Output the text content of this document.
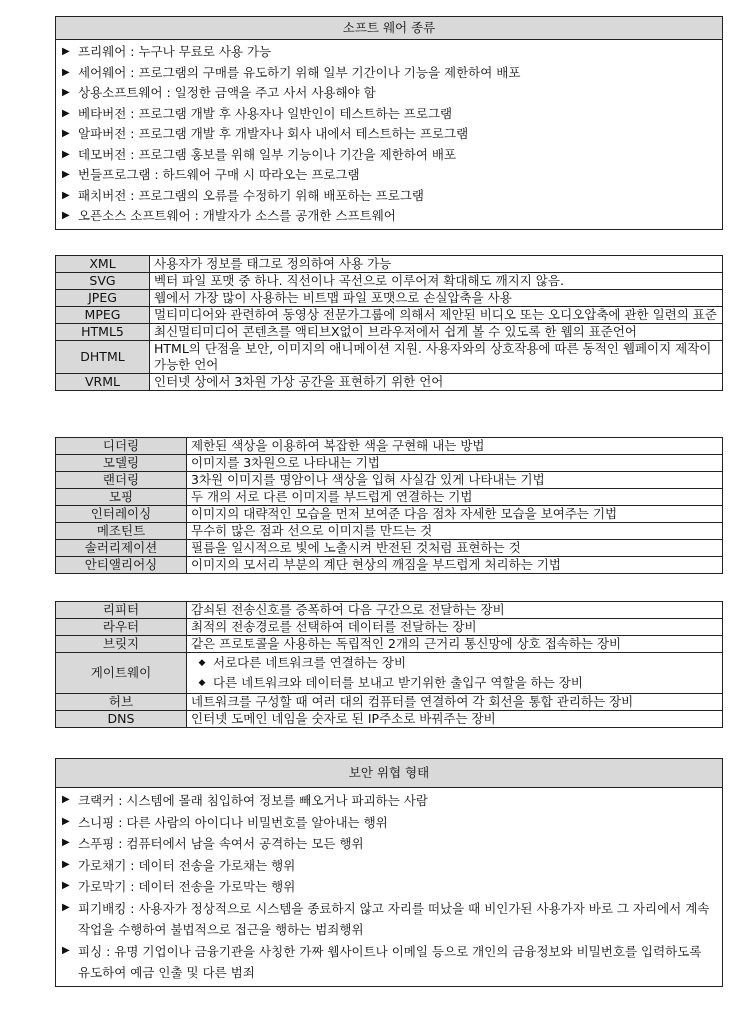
소프트 웨어 종류

▶ 프리웨어 : 누구나 무료로 사용 가능
▶ 세어웨어 : 프로그램의 구매를 유도하기 위해 일부 기간이나 기능을 제한하여 배포
▶ 상용소프트웨어 : 일정한 금액을 주고 사서 사용해야 함
▶ 베타버전 : 프로그램 개발 후 사용자나 일반인이 테스트하는 프로그램
▶ 알파버전 : 프로그램 개발 후 개발자나 회사 내에서 테스트하는 프로그램
▶ 데모버전 : 프로그램 홍보를 위해 일부 기능이나 기간을 제한하여 배포
▶ 번들프로그램 : 하드웨어 구매 시 따라오는 프로그램
▶ 패치버전 : 프로그램의 오류를 수정하기 위해 배포하는 프로그램
▶ 오픈소스 소프트웨어 : 개발자가 소스를 공개한 스프트웨어
XML	사용자가 정보를 태그로 정의하여 사용 가능
SVG	벡터 파일 포맷 중 하나. 직선이나 곡선으로 이루어져 확대해도 깨지지 않음.
JPEG	웹에서 가장 많이 사용하는 비트맵 파일 포맷으로 손실압축을 사용
MPEG	멀티미디어와 관련하여 동영상 전문가그룹에 의해서 제안된 비디오 또는 오디오압축에 관한 일련의 표준
HTML5	최신멀티미디어 콘텐츠를 액티브X없이 브라우저에서 쉽게 볼 수 있도록 한 웹의 표준언어
DHTML	HTML의 단점을 보안, 이미지의 애니메이션 지원. 사용자와의 상호작용에 따른 동적인 웹페이지 제작이 가능한 언어
VRML	인터넷 상에서 3차원 가상 공간을 표현하기 위한 언어
디더링	제한된 색상을 이용하여 복잡한 색을 구현해 내는 방법
모델링	이미지를 3차원으로 나타내는 기법
랜더링	3차원 이미지를 명암이나 색상을 입혀 사실감 있게 나타내는 기법
모핑	두 개의 서로 다른 이미지를 부드럽게 연결하는 기법
인터레이싱	이미지의 대략적인 모습을 먼저 보여준 다음 점차 자세한 모습을 보여주는 기법
메조틴트	무수히 많은 점과 선으로 이미지를 만드는 것
솔러리제이션	필름을 일시적으로 빛에 노출시켜 반전된 것처럼 표현하는 것
안티앨리어싱	이미지의 모서리 부분의 계단 현상의 깨짐을 부드럽게 처리하는 기법
리피터	감쇠된 전송신호를 증폭하여 다음 구간으로 전달하는 장비
라우터	최적의 전송경로를 선택하여 데이터를 전달하는 장비
브릿지	같은 프로토콜을 사용하는 독립적인 2개의 근거리 통신망에 상호 접속하는 장비
게이트웨이	◆ 서로다른 네트워크를 연결하는 장비
◆ 다른 네트워크와 데이터를 보내고 받기위한 출입구 역할을 하는 장비

허브	네트워크를 구성할 때 여러 대의 컴퓨터를 연결하여 각 회선을 통합 관리하는 장비
DNS	인터넷 도메인 네임을 숫자로 된 IP주소로 바꿔주는 장비
보안 위협 형태

▶ 크랙커 : 시스템에 몰래 침입하여 정보를 빼오거나 파괴하는 사람
▶ 스니핑 : 다른 사람의 아이디나 비밀번호를 알아내는 행위
▶ 스푸핑 : 컴퓨터에서 남을 속여서 공격하는 모든 행위
▶ 가로채기 : 데이터 전송을 가로채는 행위
▶ 가로막기 : 데이터 전송을 가로막는 행위
▶ 피기배킹 : 사용자가 정상적으로 시스템을 종료하지 않고 자리를 떠났을 때 비인가된 사용가자 바로 그 자리에서 계속 작업을 수행하여 불법적으로 접근을 행하는 범죄행위
▶ 피싱 : 유명 기업이나 금융기관을 사칭한 가짜 웹사이트나 이메일 등으로 개인의 금융정보와 비밀번호를 입력하도록 유도하여 예금 인출 및 다른 범죄
